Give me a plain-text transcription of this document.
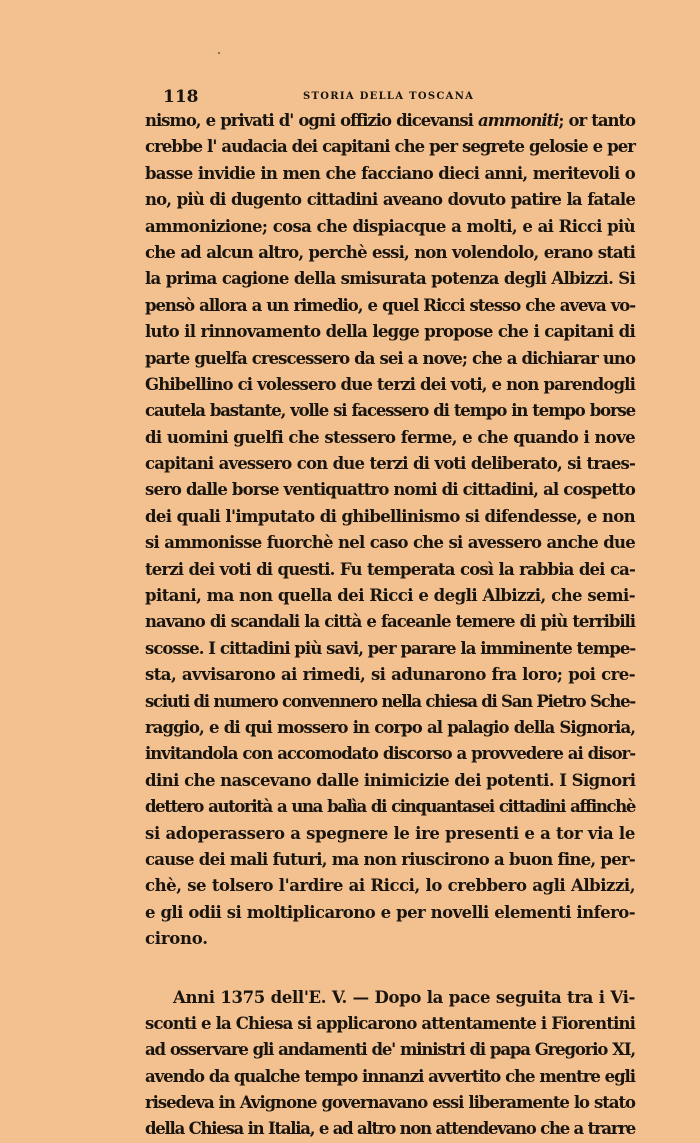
118	STORIA DELLA TOSCANA
nismo, e privati d' ogni offizio dicevansi ammoniti; or tanto
crebbe l' audacia dei capitani che per segrete gelosie e per
basse invidie in men che facciano dieci anni, meritevoli o
no, più di dugento cittadini aveano dovuto patire la fatale
ammonizione; cosa che dispiacque a molti, e ai Ricci più
che ad alcun altro, perchè essi, non volendolo, erano stati
la prima cagione della smisurata potenza degli Albizzi. Si
pensò allora a un rimedio, e quel Ricci stesso che aveva vo-
luto il rinnovamento della legge propose che i capitani di
parte guelfa crescessero da sei a nove; che a dichiarar uno
Ghibellino ci volessero due terzi dei voti, e non parendogli
cautela bastante, volle si facessero di tempo in tempo borse
di uomini guelfi che stessero ferme, e che quando i nove
capitani avessero con due terzi di voti deliberato, si traes-
sero dalle borse ventiquattro nomi di cittadini, al cospetto
dei quali l'imputato di ghibellinismo si difendesse, e non
si ammonisse fuorchè nel caso che si avessero anche due
terzi dei voti di questi. Fu temperata così la rabbia dei ca-
pitani, ma non quella dei Ricci e degli Albizzi, che semi-
navano di scandali la città e faceanle temere di più terribili
scosse. I cittadini più savi, per parare la imminente tempe-
sta, avvisarono ai rimedi, si adunarono fra loro; poi cre-
sciuti di numero convennero nella chiesa di San Pietro Sche-
raggio, e di qui mossero in corpo al palagio della Signoria,
invitandola con accomodato discorso a provvedere ai disor-
dini che nascevano dalle inimicizie dei potenti. I Signori
dettero autorità a una balìa di cinquantasei cittadini affinchè
si adoperassero a spegnere le ire presenti e a tor via le
cause dei mali futuri, ma non riuscirono a buon fine, per-
chè, se tolsero l'ardire ai Ricci, lo crebbero agli Albizzi,
e gli odii si moltiplicarono e per novelli elementi infero-
cirono.
Anni 1375 dell'E. V. — Dopo la pace seguita tra i Vi-
sconti e la Chiesa si applicarono attentamente i Fiorentini
ad osservare gli andamenti de' ministri di papa Gregorio XI,
avendo da qualche tempo innanzi avvertito che mentre egli
risedeva in Avignone governavano essi liberamente lo stato
della Chiesa in Italia, e ad altro non attendevano che a trarre
